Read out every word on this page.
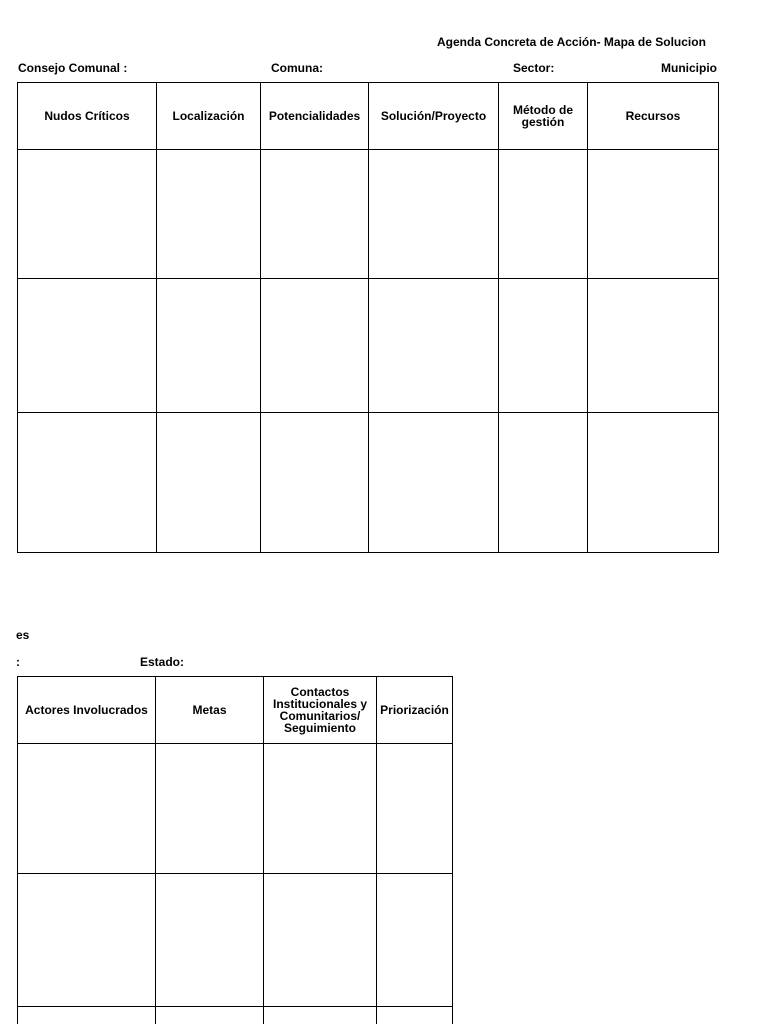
Agenda Concreta de Acción- Mapa de Solucion
Consejo Comunal :	Comuna:	Sector:	Municipio
Nudos Críticos	Localización	Potencialidades	Solución/Proyecto	Método de gestión	Recursos

es
:	Estado:
Actores Involucrados	Metas	Contactos Institucionales y Comunitarios/ Seguimiento	Priorización
